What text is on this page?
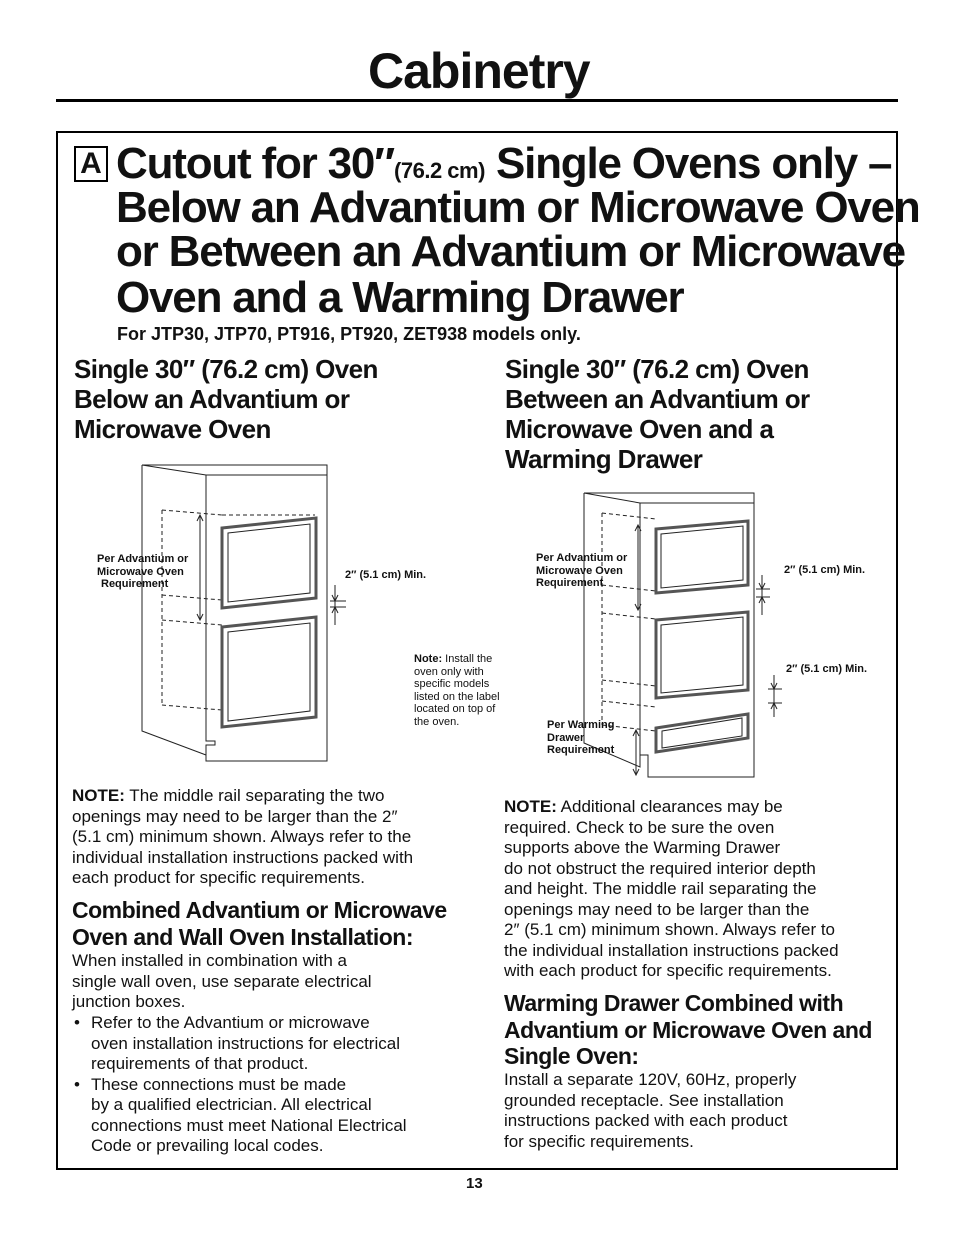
Cabinetry
A Cutout for 30″(76.2 cm) Single Ovens only –
Below an Advantium or Microwave Oven
or Between an Advantium or Microwave
Oven and a Warming Drawer
For JTP30, JTP70, PT916, PT920, ZET938 models only.
Single 30″ (76.2 cm) Oven
Below an Advantium or
Microwave Oven
Per Advantium or
Microwave Oven
Requirement
2″ (5.1 cm) Min.
Note: Install the
oven only with
specific models
listed on the label
located on top of
the oven.
NOTE: The middle rail separating the two
openings may need to be larger than the 2″
(5.1 cm) minimum shown. Always refer to the
individual installation instructions packed with
each product for specific requirements.
Combined Advantium or Microwave
Oven and Wall Oven Installation:
When installed in combination with a
single wall oven, use separate electrical
junction boxes.
• Refer to the Advantium or microwave
oven installation instructions for electrical
requirements of that product.
• These connections must be made
by a qualified electrician. All electrical
connections must meet National Electrical
Code or prevailing local codes.
Single 30″ (76.2 cm) Oven
Between an Advantium or
Microwave Oven and a
Warming Drawer
Per Advantium or
Microwave Oven
Requirement
2″ (5.1 cm) Min.
2″ (5.1 cm) Min.
Per Warming
Drawer
Requirement
NOTE: Additional clearances may be
required. Check to be sure the oven
supports above the Warming Drawer
do not obstruct the required interior depth
and height. The middle rail separating the
openings may need to be larger than the
2″ (5.1 cm) minimum shown. Always refer to
the individual installation instructions packed
with each product for specific requirements.
Warming Drawer Combined with
Advantium or Microwave Oven and
Single Oven:
Install a separate 120V, 60Hz, properly
grounded receptacle. See installation
instructions packed with each product
for specific requirements.
13
